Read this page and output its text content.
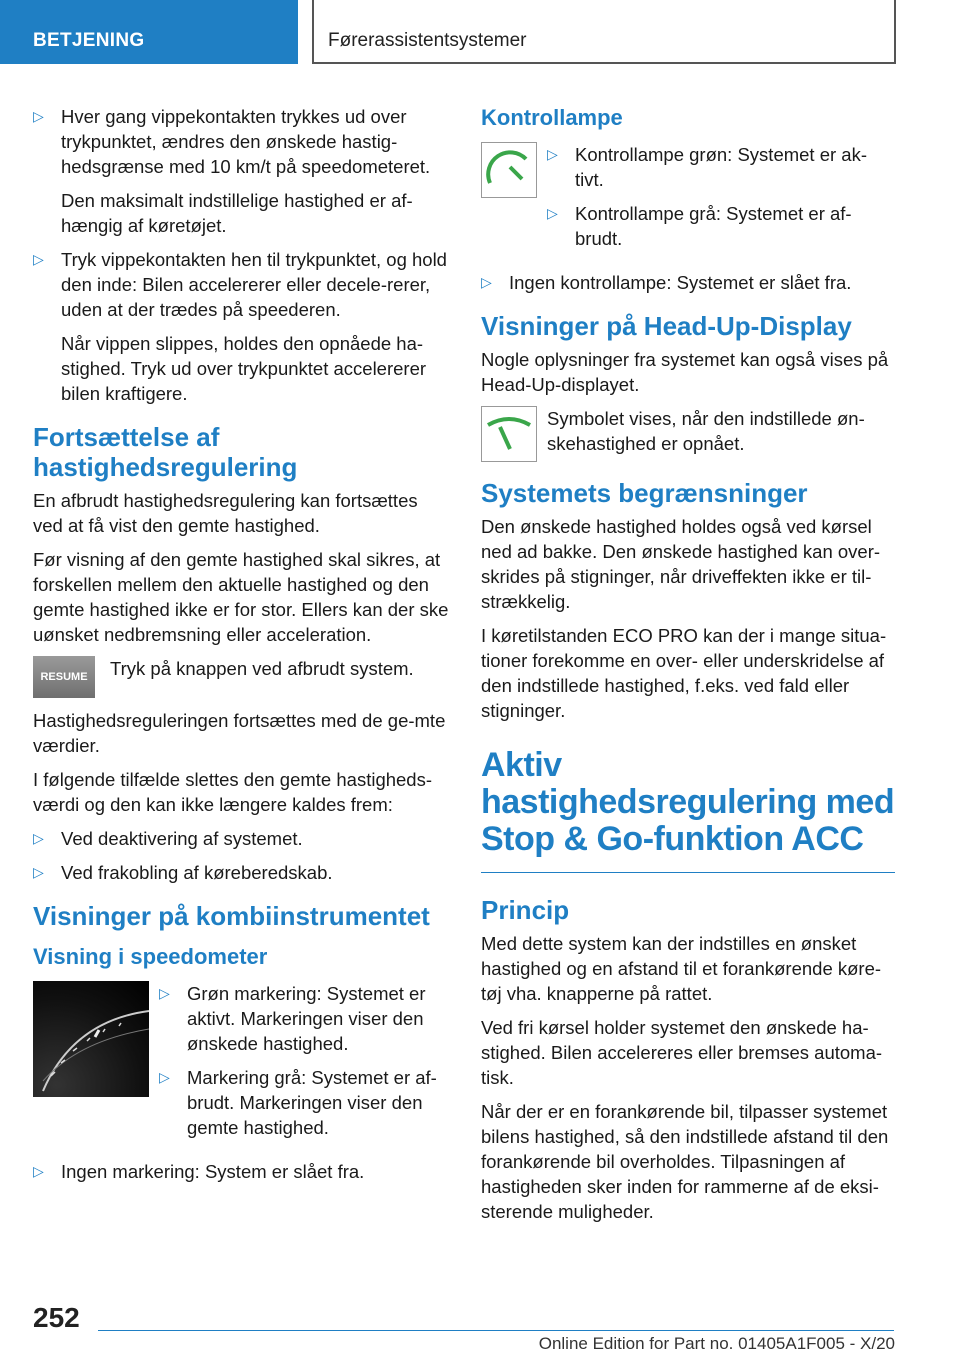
BETJENING	Førerassistentsystemer
▷ Hver gang vippekontakten trykkes ud over trykpunktet, ændres den ønskede hastig-hedsgrænse med 10 km/t på speedometeret.
Den maksimalt indstillelige hastighed er af-hængig af køretøjet.
▷ Tryk vippekontakten hen til trykpunktet, og hold den inde: Bilen accelererer eller decele-rerer, uden at der trædes på speederen.
Når vippen slippes, holdes den opnåede ha-stighed. Tryk ud over trykpunktet accelererer bilen kraftigere.
Fortsættelse af hastighedsregulering

En afbrudt hastighedsregulering kan fortsættes ved at få vist den gemte hastighed.

Før visning af den gemte hastighed skal sikres, at forskellen mellem den aktuelle hastighed og den gemte hastighed ikke er for stor. Ellers kan der ske uønsket nedbremsning eller acceleration.

RESUME	Tryk på knappen ved afbrudt system.

Hastighedsreguleringen fortsættes med de ge-mte værdier.

I følgende tilfælde slettes den gemte hastigheds-værdi og den kan ikke længere kaldes frem:

▷ Ved deaktivering af systemet.
▷ Ved frakobling af køreberedskab.
Visninger på kombiinstrumentet
Visning i speedometer
▷ Grøn markering: Systemet er aktivt. Markeringen viser den ønskede hastighed.
▷ Markering grå: Systemet er af-brudt. Markeringen viser den gemte hastighed.
▷ Ingen markering: System er slået fra.
Kontrollampe
▷ Kontrollampe grøn: Systemet er ak-tivt.
▷ Kontrollampe grå: Systemet er af-brudt.
▷ Ingen kontrollampe: Systemet er slået fra.
Visninger på Head-Up-Display

Nogle oplysninger fra systemet kan også vises på Head-Up-displayet.

Symbolet vises, når den indstillede øn-skehastighed er opnået.
Systemets begrænsninger

Den ønskede hastighed holdes også ved kørsel ned ad bakke. Den ønskede hastighed kan over-skrides på stigninger, når driveffekten ikke er til-strækkelig.

I køretilstanden ECO PRO kan der i mange situa-tioner forekomme en over- eller underskridelse af den indstillede hastighed, f.eks. ved fald eller stigninger.

Aktiv hastighedsregulering med Stop & Go-funktion ACC
Princip

Med dette system kan der indstilles en ønsket hastighed og en afstand til et forankørende køre-tøj vha. knapperne på rattet.

Ved fri kørsel holder systemet den ønskede ha-stighed. Bilen accelereres eller bremses automa-tisk.

Når der er en forankørende bil, tilpasser systemet bilens hastighed, så den indstillede afstand til den forankørende bil overholdes. Tilpasningen af hastigheden sker inden for rammerne af de eksi-sterende muligheder.

252
Online Edition for Part no. 01405A1F005 - X/20
